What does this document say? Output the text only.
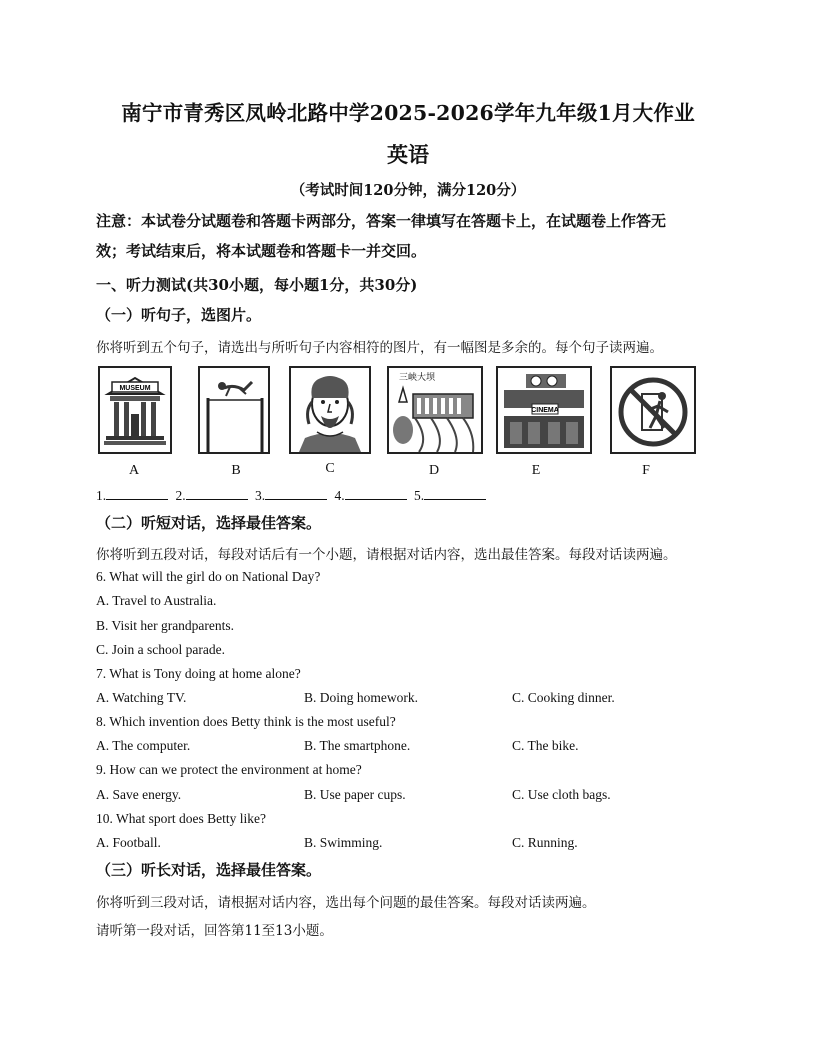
南宁市青秀区凤岭北路中学2025-2026学年九年级1月大作业
英语
（考试时间120分钟，满分120分）
注意：本试卷分试题卷和答题卡两部分，答案一律填写在答题卡上，在试题卷上作答无
效；考试结束后，将本试题卷和答题卡一并交回。
一、听力测试(共30小题，每小题1分，共30分)
（一）听句子，选图片。
你将听到五个句子，请选出与所听句子内容相符的图片，有一幅图是多余的。每个句子读两遍。
MUSEUM
三峡大坝
CINEMA
A	B	C	D	E	F
1.	2.	3.	4.	5.
（二）听短对话，选择最佳答案。
你将听到五段对话，每段对话后有一个小题，请根据对话内容，选出最佳答案。每段对话读两遍。
6. What will the girl do on National Day?
A. Travel to Australia.
B. Visit her grandparents.
C. Join a school parade.
7. What is Tony doing at home alone?
A. Watching TV.	B. Doing homework.	C. Cooking dinner.
8. Which invention does Betty think is the most useful?
A. The computer.	B. The smartphone.	C. The bike.
9. How can we protect the environment at home?
A. Save energy.	B. Use paper cups.	C. Use cloth bags.
10. What sport does Betty like?
A. Football.	B. Swimming.	C. Running.
（三）听长对话，选择最佳答案。
你将听到三段对话，请根据对话内容，选出每个问题的最佳答案。每段对话读两遍。
请听第一段对话，回答第11至13小题。
